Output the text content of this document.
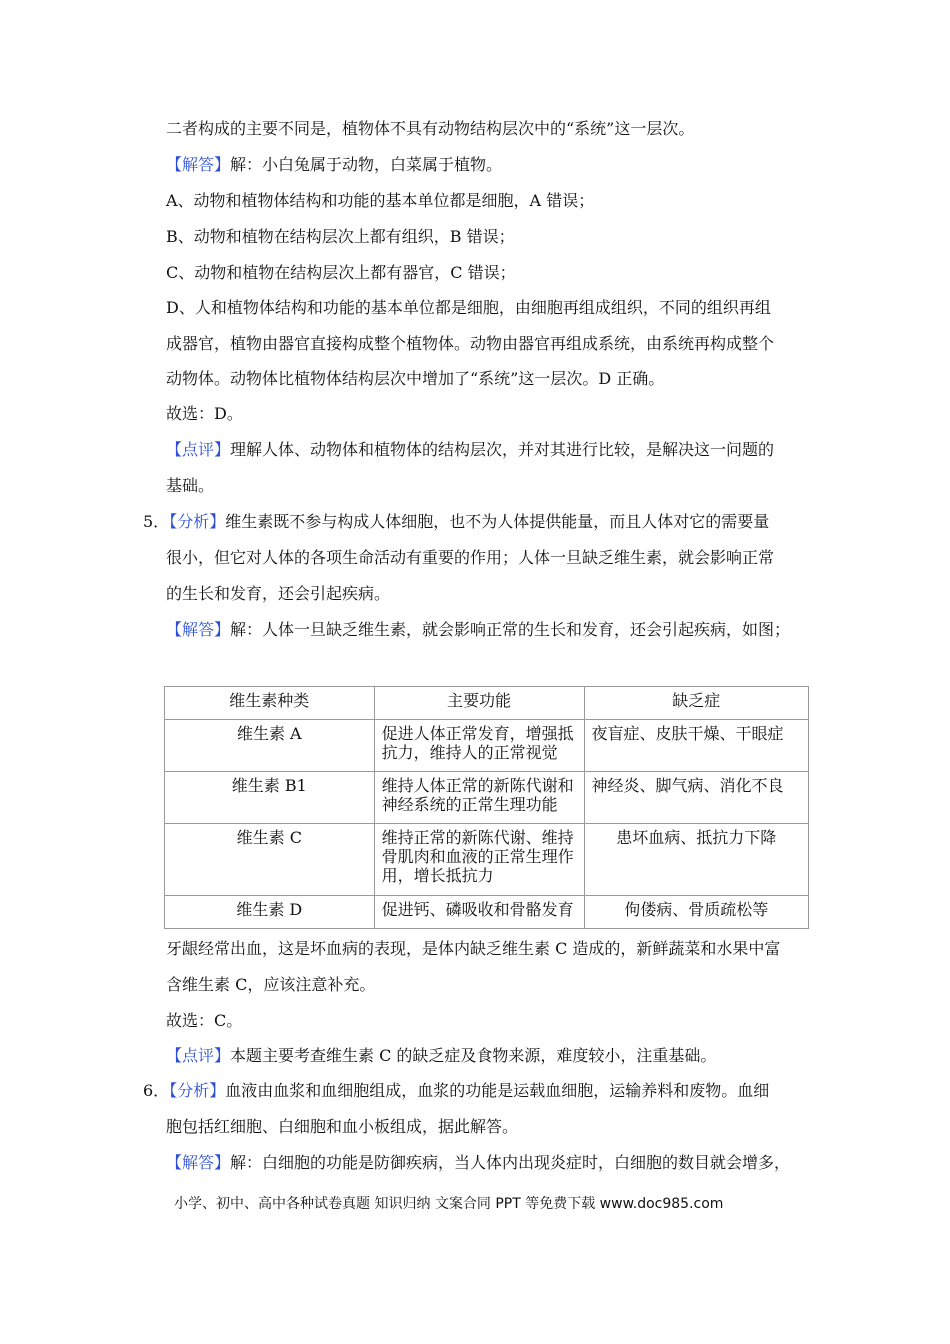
二者构成的主要不同是，植物体不具有动物结构层次中的“系统”这一层次。
【解答】解：小白兔属于动物，白菜属于植物。
A、动物和植物体结构和功能的基本单位都是细胞，A 错误；
B、动物和植物在结构层次上都有组织，B 错误；
C、动物和植物在结构层次上都有器官，C 错误；
D、人和植物体结构和功能的基本单位都是细胞，由细胞再组成组织，不同的组织再组
成器官，植物由器官直接构成整个植物体。动物由器官再组成系统，由系统再构成整个
动物体。动物体比植物体结构层次中增加了“系统”这一层次。D 正确。
故选：D。
【点评】理解人体、动物体和植物体的结构层次，并对其进行比较，是解决这一问题的
基础。
5．【分析】维生素既不参与构成人体细胞，也不为人体提供能量，而且人体对它的需要量
很小，但它对人体的各项生命活动有重要的作用；人体一旦缺乏维生素，就会影响正常
的生长和发育，还会引起疾病。
【解答】解：人体一旦缺乏维生素，就会影响正常的生长和发育，还会引起疾病，如图；
维生素种类	主要功能	缺乏症
维生素 A	促进人体正常发育，增强抵抗力，维持人的正常视觉	夜盲症、皮肤干燥、干眼症
维生素 B1	维持人体正常的新陈代谢和神经系统的正常生理功能	神经炎、脚气病、消化不良
维生素 C	维持正常的新陈代谢、维持骨肌肉和血液的正常生理作用，增长抵抗力	患坏血病、抵抗力下降
维生素 D	促进钙、磷吸收和骨骼发育	佝偻病、骨质疏松等
牙龈经常出血，这是坏血病的表现，是体内缺乏维生素 C 造成的，新鲜蔬菜和水果中富
含维生素 C，应该注意补充。
故选：C。
【点评】本题主要考查维生素 C 的缺乏症及食物来源，难度较小，注重基础。
6．【分析】血液由血浆和血细胞组成，血浆的功能是运载血细胞，运输养料和废物。血细
胞包括红细胞、白细胞和血小板组成，据此解答。
【解答】解：白细胞的功能是防御疾病，当人体内出现炎症时，白细胞的数目就会增多，
小学、初中、高中各种试卷真题 知识归纳 文案合同 PPT 等免费下载 www.doc985.com
